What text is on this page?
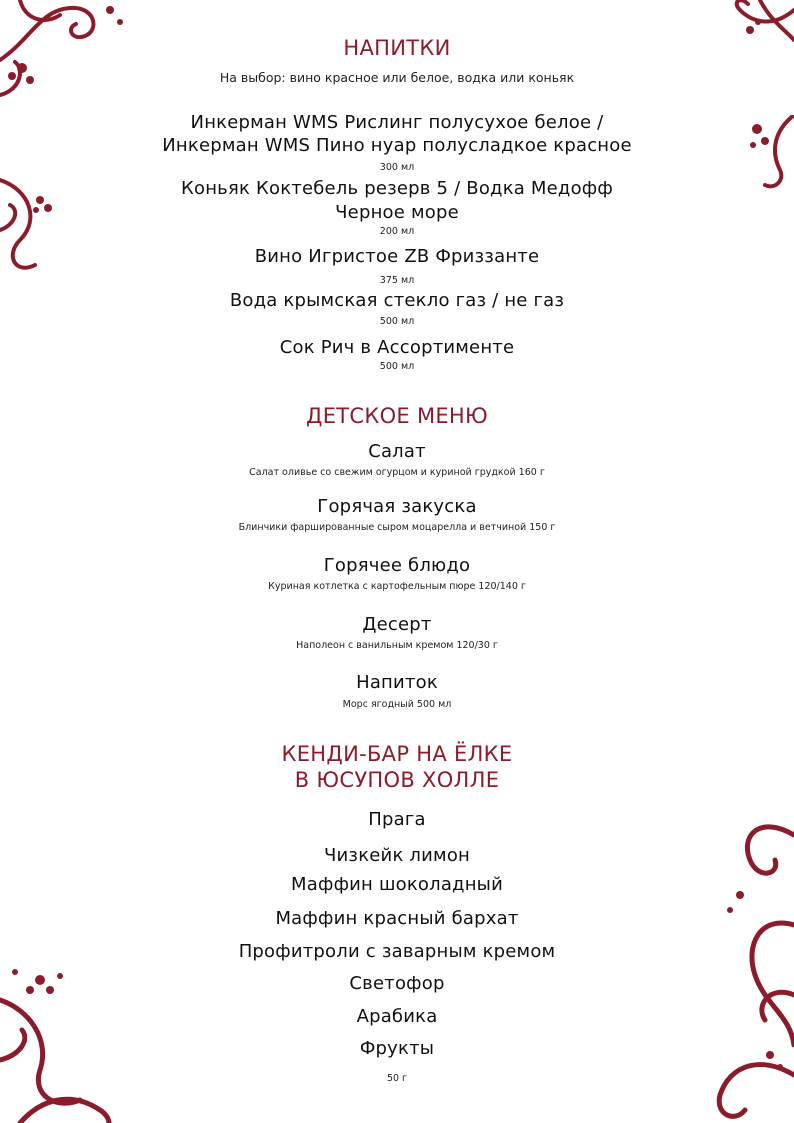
НАПИТКИ
На выбор: вино красное или белое, водка или коньяк
Инкерман WMS Рислинг полусухое белое /
Инкерман WMS Пино нуар полусладкое красное
300 мл
Коньяк Коктебель резерв 5 / Водка Медофф
Черное море
200 мл
Вино Игристое ZB Фриззанте
375 мл
Вода крымская стекло газ / не газ
500 мл
Сок Рич в Ассортименте
500 мл
ДЕТСКОЕ МЕНЮ
Салат
Салат оливье со свежим огурцом и куриной грудкой 160 г
Горячая закуска
Блинчики фаршированные сыром моцарелла и ветчиной 150 г
Горячее блюдо
Куриная котлетка с картофельным пюре 120/140 г
Десерт
Наполеон с ванильным кремом 120/30 г
Напиток
Морс ягодный 500 мл
КЕНДИ-БАР НА ЁЛКЕ
В ЮСУПОВ ХОЛЛЕ
Прага
Чизкейк лимон
Маффин шоколадный
Маффин красный бархат
Профитроли с заварным кремом
Светофор
Арабика
Фрукты
50 г
